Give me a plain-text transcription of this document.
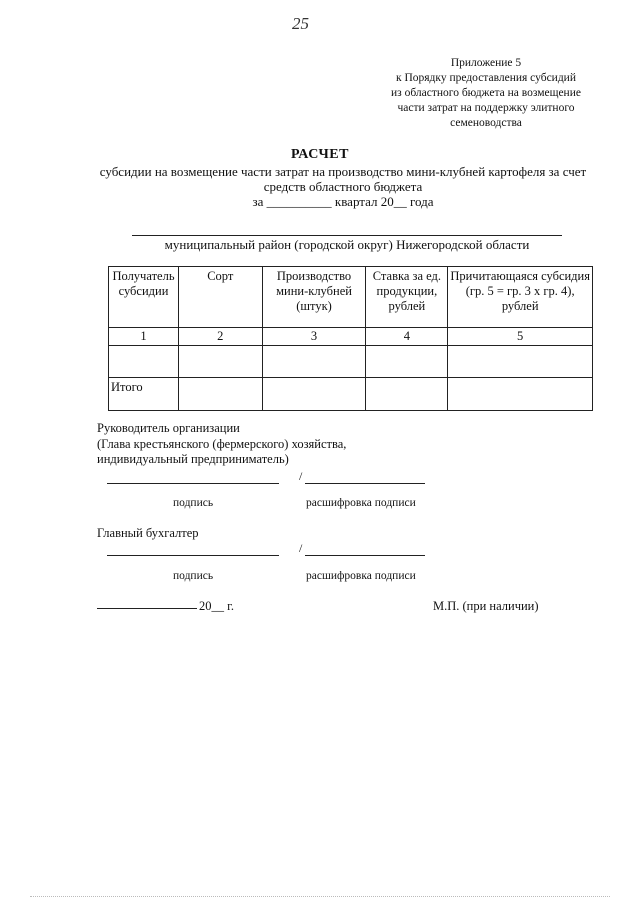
25
Приложение 5
к Порядку предоставления субсидий
из областного бюджета на возмещение
части затрат на поддержку элитного
семеноводства
РАСЧЕТ
субсидии на возмещение части затрат на производство мини-клубней картофеля за счет
средств областного бюджета
за __________ квартал 20__ года
муниципальный район (городской округ) Нижегородской области
Получатель субсидии	Сорт	Производство мини-клубней (штук)	Ставка за ед. продукции, рублей	Причитающаяся субсидия (гр. 5 = гр. 3 х гр. 4), рублей
1	2	3	4	5

Итого				
Руководитель организации
(Глава крестьянского (фермерского) хозяйства,
индивидуальный предприниматель)
/
подпись	расшифровка подписи
Главный бухгалтер
/
подпись	расшифровка подписи
20__ г.	М.П. (при наличии)
